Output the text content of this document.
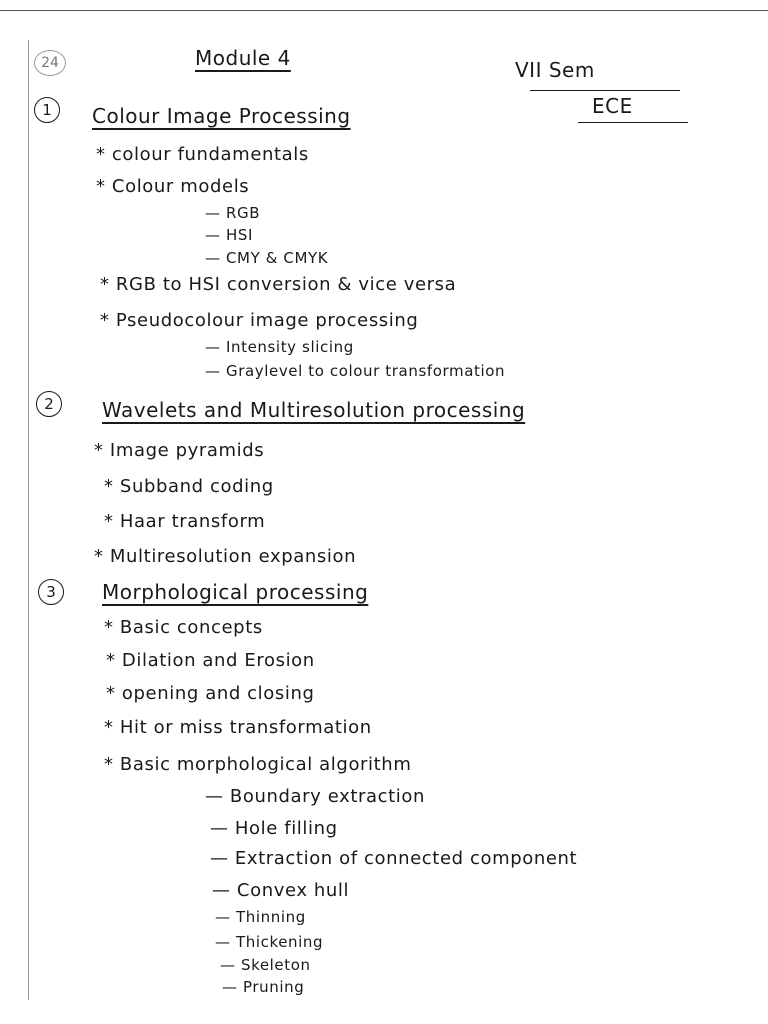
24	Module 4	VII Sem
ECE
1	Colour Image Processing
* colour fundamentals
* Colour models
— RGB
— HSI
— CMY & CMYK
* RGB to HSI conversion & vice versa
* Pseudocolour image processing
— Intensity slicing
— Graylevel to colour transformation
2	Wavelets and Multiresolution processing
* Image pyramids
* Subband coding
* Haar transform
* Multiresolution expansion
3	Morphological processing
* Basic concepts
* Dilation and Erosion
* opening and closing
* Hit or miss transformation
* Basic morphological algorithm
— Boundary extraction
— Hole filling
— Extraction of connected component
— Convex hull
— Thinning
— Thickening
— Skeleton
— Pruning
